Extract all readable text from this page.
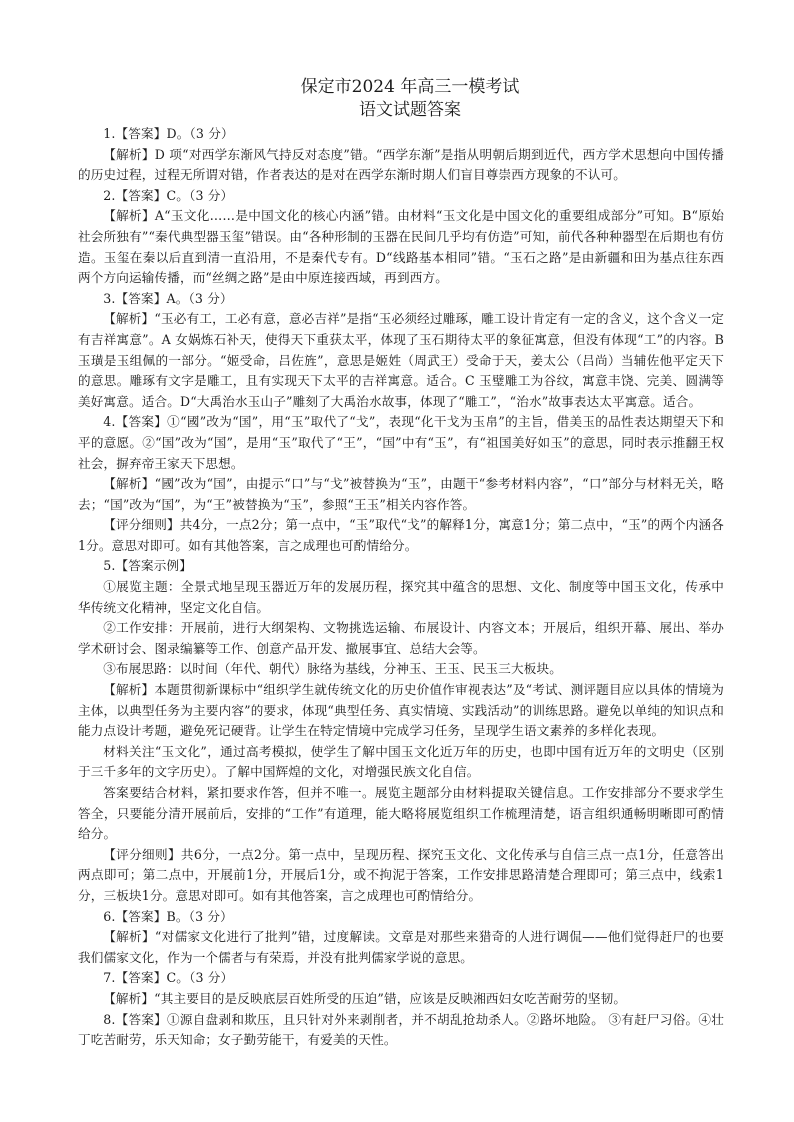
保定市2024 年高三一模考试
语文试题答案

1.【答案】D。（3 分）

【解析】D 项“对西学东渐风气持反对态度”错。“西学东渐”是指从明朝后期到近代，西方学术思想向中国传播的历史过程，过程无所谓对错，作者表达的是对在西学东渐时期人们盲目尊崇西方现象的不认可。

2.【答案】C。（3 分）

【解析】A“玉文化……是中国文化的核心内涵”错。由材料“玉文化是中国文化的重要组成部分”可知。B“原始社会所独有”“秦代典型器玉玺”错误。由“各种形制的玉器在民间几乎均有仿造”可知，前代各种种器型在后期也有仿造。玉玺在秦以后直到清一直沿用，不是秦代专有。D“线路基本相同”错。“玉石之路”是由新疆和田为基点往东西两个方向运输传播，而“丝绸之路”是由中原连接西域，再到西方。

3.【答案】A。（3 分）

【解析】“玉必有工，工必有意，意必吉祥”是指“玉必须经过雕琢，雕工设计肯定有一定的含义，这个含义一定有吉祥寓意”。A 女娲炼石补天，使得天下重获太平，体现了玉石期待太平的象征寓意，但没有体现“工”的内容。B 玉璜是玉组佩的一部分。“姬受命，吕佐旌”，意思是姬姓（周武王）受命于天，姜太公（吕尚）当辅佐他平定天下的意思。雕琢有文字是雕工，且有实现天下太平的吉祥寓意。适合。C 玉璧雕工为谷纹，寓意丰饶、完美、圆满等美好寓意。适合。D“大禹治水玉山子”雕刻了大禹治水故事，体现了“雕工”，“治水”故事表达太平寓意。适合。

4.【答案】①“國”改为“国”，用“玉”取代了“戈”，表现“化干戈为玉帛”的主旨，借美玉的品性表达期望天下和平的意愿。②“国”改为“国”，是用“玉”取代了“王”，“国”中有“玉”，有“祖国美好如玉”的意思，同时表示推翻王权社会，摒弃帝王家天下思想。

【解析】“國”改为“国”，由提示“口”与“戈”被替换为“玉”，由题干“参考材料内容”，“口”部分与材料无关，略去；“国”改为“国”，为“王”被替换为“玉”，参照“王玉”相关内容作答。

【评分细则】共4分，一点2分；第一点中，“玉”取代“戈”的解释1分，寓意1分；第二点中，“玉”的两个内涵各1分。意思对即可。如有其他答案，言之成理也可酌情给分。

5.【答案示例】

①展览主题：全景式地呈现玉器近万年的发展历程，探究其中蕴含的思想、文化、制度等中国玉文化，传承中华传统文化精神，坚定文化自信。

②工作安排：开展前，进行大纲架构、文物挑选运输、布展设计、内容文本；开展后，组织开幕、展出、举办学术研讨会、图录编纂等工作、创意产品开发、撤展事宜、总结大会等。

③布展思路：以时间（年代、朝代）脉络为基线，分神玉、王玉、民玉三大板块。

【解析】本题贯彻新课标中“组织学生就传统文化的历史价值作审视表达”及“考试、测评题目应以具体的情境为主体，以典型任务为主要内容”的要求，体现“典型任务、真实情境、实践活动”的训练思路。避免以单纯的知识点和能力点设计考题，避免死记硬背。让学生在特定情境中完成学习任务，呈现学生语文素养的多样化表现。

材料关注“玉文化”，通过高考模拟，使学生了解中国玉文化近万年的历史，也即中国有近万年的文明史（区别于三千多年的文字历史）。了解中国辉煌的文化，对增强民族文化自信。

答案要结合材料，紧扣要求作答，但并不唯一。展览主题部分由材料提取关键信息。工作安排部分不要求学生答全，只要能分清开展前后，安排的“工作”有道理，能大略将展览组织工作梳理清楚，语言组织通畅明晰即可酌情给分。

【评分细则】共6分，一点2分。第一点中，呈现历程、探究玉文化、文化传承与自信三点一点1分，任意答出两点即可；第二点中，开展前1分，开展后1分，或不拘泥于答案，工作安排思路清楚合理即可；第三点中，线索1分，三板块1分。意思对即可。如有其他答案，言之成理也可酌情给分。

6.【答案】B。（3 分）

【解析】“对儒家文化进行了批判”错，过度解读。文章是对那些来猎奇的人进行调侃——他们觉得赶尸的也要我们儒家文化，作为一个儒者与有荣焉，并没有批判儒家学说的意思。

7.【答案】C。（3 分）

【解析】“其主要目的是反映底层百姓所受的压迫”错，应该是反映湘西妇女吃苦耐劳的坚韧。

8.【答案】①源自盘剥和欺压，且只针对外来剥削者，并不胡乱抢劫杀人。②路坏地险。 ③有赶尸习俗。④壮丁吃苦耐劳，乐天知命；女子勤劳能干，有爱美的天性。
